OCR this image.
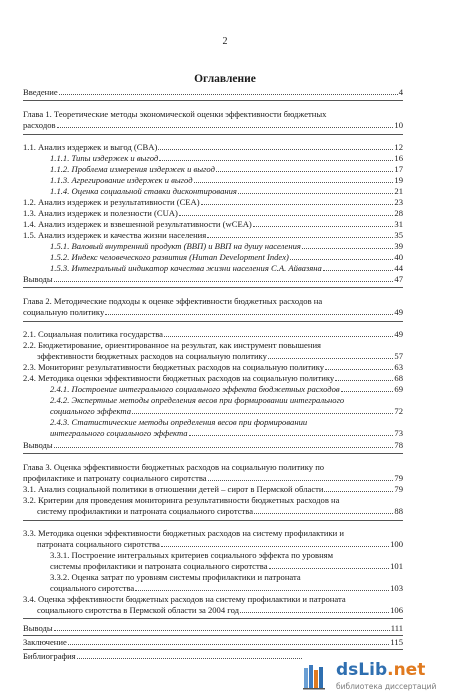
2
Оглавление
Введение	4
Глава 1. Теоретические методы экономической оценки эффективности бюджетных
расходов	10
1.1. Анализ издержек и выгод (CBA)	12
1.1.1. Типы издержек и выгод	16
1.1.2. Проблема измерения издержек и выгод	17
1.1.3. Агрегирование издержек и выгод	19
1.1.4. Оценка социальной ставки дисконтирования	21
1.2. Анализ издержек и результативности (CEA)	23
1.3. Анализ издержек и полезности (CUA)	28
1.4. Анализ издержек и взвешенной результативности (wCEA)	31
1.5. Анализ издержек и качества жизни населения	35
1.5.1. Валовый внутренний продукт (ВВП) и ВВП на душу населения	39
1.5.2. Индекс человеческого развития (Human Development Index)	40
1.5.3. Интегральный индикатор качества жизни населения С.А. Айвазяна	44
Выводы	47
Глава 2. Методические подходы к оценке эффективности бюджетных расходов на
социальную политику	49
2.1. Социальная политика государства	49
2.2. Бюджетирование, ориентированное на результат, как инструмент повышения
эффективности бюджетных расходов на социальную политику	57
2.3. Мониторинг результативности бюджетных расходов на социальную политику	63
2.4. Методика оценки эффективности бюджетных расходов на социальную политику	68
2.4.1. Построение интегрального социального эффекта бюджетных расходов	69
2.4.2. Экспертные методы определения весов при формировании интегрального
социального эффекта	72
2.4.3. Статистические методы определения весов при формировании
интегрального социального эффекта	73
Выводы	78
Глава 3. Оценка эффективности бюджетных расходов на социальную политику по
профилактике и патронату социального сиротства	79
3.1. Анализ социальной политики в отношении детей – сирот в Пермской области	79
3.2. Критерии для проведения мониторинга результативности бюджетных расходов на
систему профилактики и патроната социального сиротства	88
3.3. Методика оценки эффективности бюджетных расходов на систему профилактики и
патроната социального сиротства	100
3.3.1. Построение интегральных критериев социального эффекта по уровням
системы профилактики и патроната социального сиротства	101
3.3.2. Оценка затрат по уровням системы профилактики и патроната
социального сиротства	103
3.4. Оценка эффективности бюджетных расходов на систему профилактики и патроната
социального сиротства в Пермской области за 2004 год	106
Выводы	111
Заключение	115
Библиография
dsLib.net
библиотека диссертаций
